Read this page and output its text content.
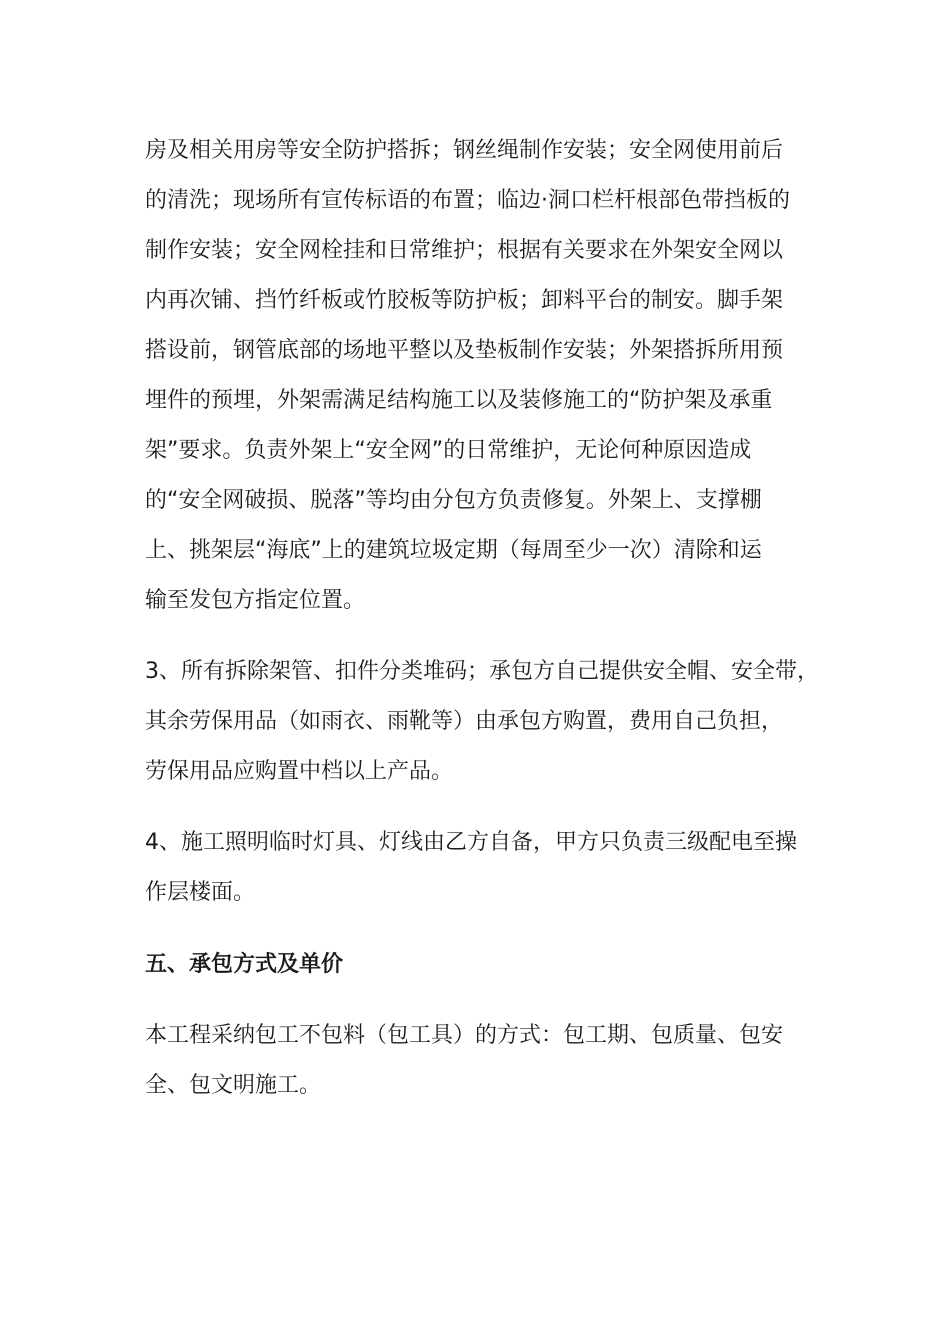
房及相关用房等安全防护搭拆；钢丝绳制作安装；安全网使用前后
的清洗；现场所有宣传标语的布置；临边·洞口栏杆根部色带挡板的
制作安装；安全网栓挂和日常维护；根据有关要求在外架安全网以
内再次铺、挡竹纤板或竹胶板等防护板；卸料平台的制安。脚手架
搭设前，钢管底部的场地平整以及垫板制作安装；外架搭拆所用预
埋件的预埋，外架需满足结构施工以及装修施工的“防护架及承重
架”要求。负责外架上“安全网”的日常维护，无论何种原因造成
的“安全网破损、脱落”等均由分包方负责修复。外架上、支撑棚
上、挑架层“海底”上的建筑垃圾定期（每周至少一次）清除和运
输至发包方指定位置。
3、所有拆除架管、扣件分类堆码；承包方自己提供安全帽、安全带，
其余劳保用品（如雨衣、雨靴等）由承包方购置，费用自己负担，
劳保用品应购置中档以上产品。
4、施工照明临时灯具、灯线由乙方自备，甲方只负责三级配电至操
作层楼面。
五、承包方式及单价
本工程采纳包工不包料（包工具）的方式：包工期、包质量、包安
全、包文明施工。
